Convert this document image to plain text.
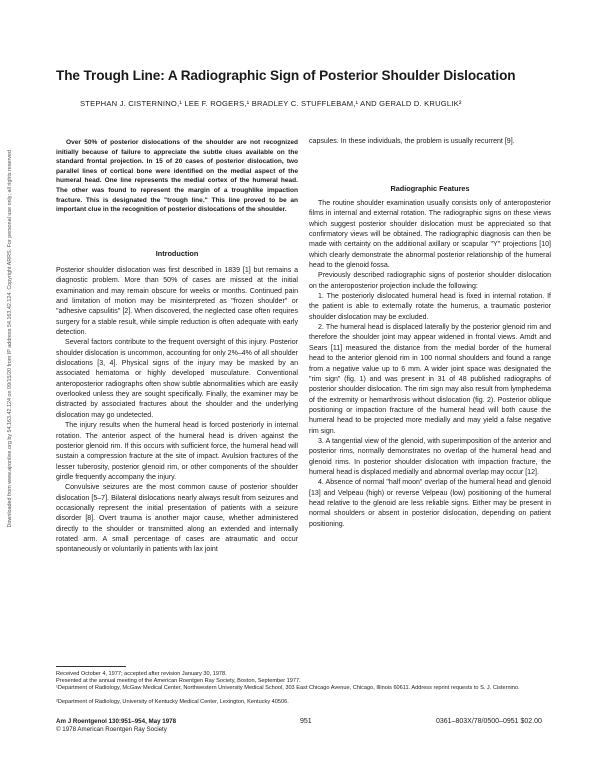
Downloaded from www.ajronline.org by 54.163.42.124 on 09/15/20 from IP address 54.163.42.124. Copyright ARRS. For personal use only; all rights reserved
The Trough Line: A Radiographic Sign of Posterior Shoulder Dislocation
STEPHAN J. CISTERNINO,¹ LEE F. ROGERS,¹ BRADLEY C. STUFFLEBAM,¹ AND GERALD D. KRUGLIK²

Over 50% of posterior dislocations of the shoulder are not recognized initially because of failure to appreciate the subtle clues available on the standard frontal projection. In 15 of 20 cases of posterior dislocation, two parallel lines of cortical bone were identified on the medial aspect of the humeral head. One line represents the medial cortex of the humeral head. The other was found to represent the margin of a troughlike impaction fracture. This is designated the "trough line." This line proved to be an important clue in the recognition of posterior dislocations of the shoulder.

Introduction

Posterior shoulder dislocation was first described in 1839 [1] but remains a diagnostic problem. More than 50% of cases are missed at the initial examination and may remain obscure for weeks or months. Continued pain and limitation of motion may be misinterpreted as "frozen shoulder" or "adhesive capsulitis" [2]. When discovered, the neglected case often requires surgery for a stable result, while simple reduction is often adequate with early detection.

Several factors contribute to the frequent oversight of this injury. Posterior shoulder dislocation is uncommon, accounting for only 2%–4% of all shoulder dislocations [3, 4]. Physical signs of the injury may be masked by an associated hematoma or highly developed musculature. Conventional anteroposterior radiographs often show subtle abnormalities which are easily overlooked unless they are sought specifically. Finally, the examiner may be distracted by associated fractures about the shoulder and the underlying dislocation may go undetected.

The injury results when the humeral head is forced posteriorly in internal rotation. The anterior aspect of the humeral head is driven against the posterior glenoid rim. If this occurs with sufficient force, the humeral head will sustain a compression fracture at the site of impact. Avulsion fractures of the lesser tuberosity, posterior glenoid rim, or other components of the shoulder girdle frequently accompany the injury.

Convulsive seizures are the most common cause of posterior shoulder dislocation [5–7]. Bilateral dislocations nearly always result from seizures and occasionally represent the initial presentation of patients with a seizure disorder [8]. Overt trauma is another major cause, whether administered directly to the shoulder or transmitted along an extended and internally rotated arm. A small percentage of cases are atraumatic and occur spontaneously or voluntarily in patients with lax joint

capsules. In these individuals, the problem is usually recurrent [9].

Radiographic Features

The routine shoulder examination usually consists only of anteroposterior films in internal and external rotation. The radiographic signs on these views which suggest posterior shoulder dislocation must be appreciated so that confirmatory views will be obtained. The radiographic diagnosis can then be made with certainty on the additional axillary or scapular "Y" projections [10] which clearly demonstrate the abnormal posterior relationship of the humeral head to the glenoid fossa.

Previously described radiographic signs of posterior shoulder dislocation on the anteroposterior projection include the following:

1. The posteriorly dislocated humeral head is fixed in internal rotation. If the patient is able to externally rotate the humerus, a traumatic posterior shoulder dislocation may be excluded.

2. The humeral head is displaced laterally by the posterior glenoid rim and therefore the shoulder joint may appear widened in frontal views. Arndt and Sears [11] measured the distance from the medial border of the humeral head to the anterior glenoid rim in 100 normal shoulders and found a range from a negative value up to 6 mm. A wider joint space was designated the "rim sign" (fig. 1) and was present in 31 of 48 published radiographs of posterior shoulder dislocation. The rim sign may also result from lymphedema of the extremity or hemarthrosis without dislocation (fig. 2). Posterior oblique positioning or impaction fracture of the humeral head will both cause the humeral head to be projected more medially and may yield a false negative rim sign.

3. A tangential view of the glenoid, with superimposition of the anterior and posterior rims, normally demonstrates no overlap of the humeral head and glenoid rims. In posterior shoulder dislocation with impaction fracture, the humeral head is displaced medially and abnormal overlap may occur [12].

4. Absence of normal "half moon" overlap of the humeral head and glenoid [13] and Velpeau (high) or reverse Velpeau (low) positioning of the humeral head relative to the glenoid are less reliable signs. Either may be present in normal shoulders or absent in posterior dislocation, depending on patient positioning.

Received October 4, 1977; accepted after revision January 30, 1978.
Presented at the annual meeting of the American Roentgen Ray Society, Boston, September 1977.
¹Department of Radiology, McGaw Medical Center, Northwestern University Medical School, 303 East Chicago Avenue, Chicago, Illinois 60611. Address reprint requests to S. J. Cisternino.
²Department of Radiology, University of Kentucky Medical Center, Lexington, Kentucky 40506.
Am J Roentgenol 130:951–954, May 1978
© 1978 American Roentgen Ray Society
951	0361–803X/78/0500–0951 $02.00
